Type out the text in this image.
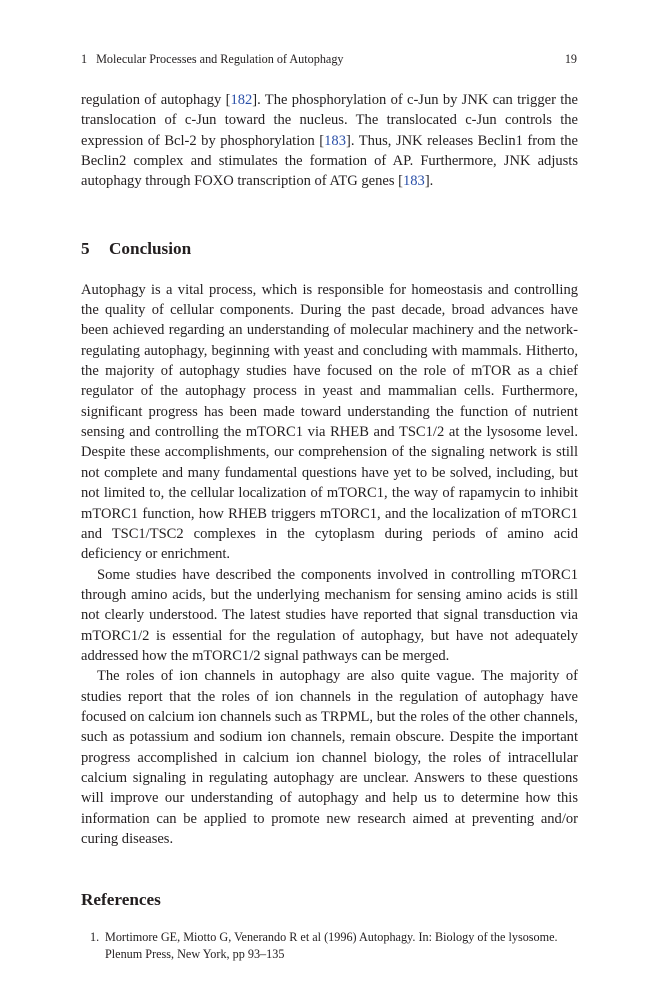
1 Molecular Processes and Regulation of Autophagy	19

regulation of autophagy [182]. The phosphorylation of c-Jun by JNK can trigger the translocation of c-Jun toward the nucleus. The translocated c-Jun controls the expression of Bcl-2 by phosphorylation [183]. Thus, JNK releases Beclin1 from the Beclin2 complex and stimulates the formation of AP. Furthermore, JNK adjusts autophagy through FOXO transcription of ATG genes [183].

5 Conclusion

Autophagy is a vital process, which is responsible for homeostasis and controlling the quality of cellular components. During the past decade, broad advances have been achieved regarding an understanding of molecular machinery and the network-regulating autophagy, beginning with yeast and concluding with mammals. Hitherto, the majority of autophagy studies have focused on the role of mTOR as a chief regulator of the autophagy process in yeast and mammalian cells. Furthermore, significant progress has been made toward understanding the function of nutrient sensing and controlling the mTORC1 via RHEB and TSC1/2 at the lysosome level. Despite these accomplishments, our comprehension of the signaling network is still not complete and many fundamental questions have yet to be solved, including, but not limited to, the cellular localization of mTORC1, the way of rapamycin to inhibit mTORC1 function, how RHEB triggers mTORC1, and the localization of mTORC1 and TSC1/TSC2 complexes in the cytoplasm during periods of amino acid deficiency or enrichment.

Some studies have described the components involved in controlling mTORC1 through amino acids, but the underlying mechanism for sensing amino acids is still not clearly understood. The latest studies have reported that signal transduction via mTORC1/2 is essential for the regulation of autophagy, but have not adequately addressed how the mTORC1/2 signal pathways can be merged.

The roles of ion channels in autophagy are also quite vague. The majority of studies report that the roles of ion channels in the regulation of autophagy have focused on calcium ion channels such as TRPML, but the roles of the other channels, such as potassium and sodium ion channels, remain obscure. Despite the important progress accomplished in calcium ion channel biology, the roles of intracellular calcium signaling in regulating autophagy are unclear. Answers to these questions will improve our understanding of autophagy and help us to determine how this information can be applied to promote new research aimed at preventing and/or curing diseases.

References
1. Mortimore GE, Miotto G, Venerando R et al (1996) Autophagy. In: Biology of the lysosome. Plenum Press, New York, pp 93–135
